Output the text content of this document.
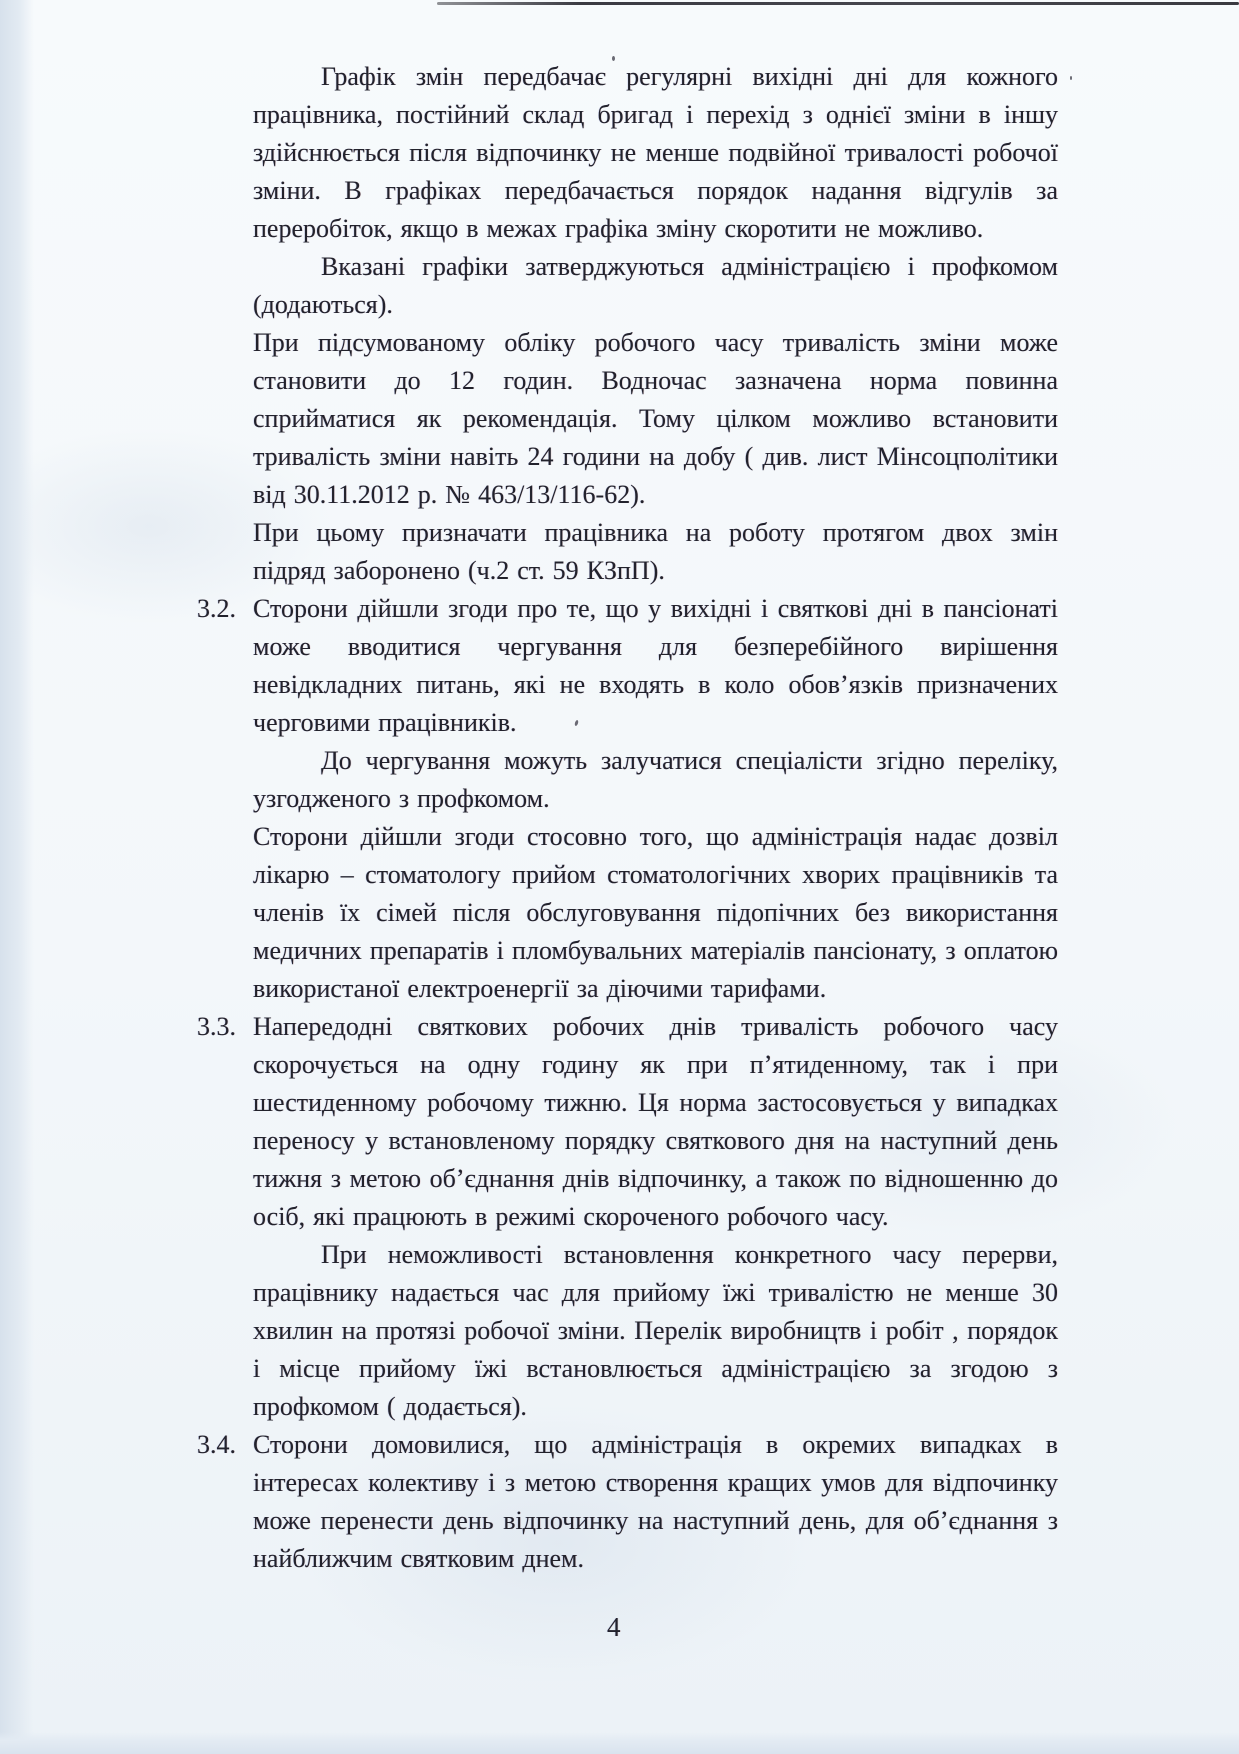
Графік змін передбачає регулярні вихідні дні для кожного працівника, постійний склад бригад і перехід з однієї зміни в іншу здійснюється після відпочинку не менше подвійної тривалості робочої зміни. В графіках передбачається порядок надання відгулів за переробіток, якщо в межах графіка зміну скоротити не можливо.

Вказані графіки затверджуються адміністрацією і профкомом (додаються).

При підсумованому обліку робочого часу тривалість зміни може становити до 12 годин. Водночас зазначена норма повинна сприйматися як рекомендація. Тому цілком можливо встановити тривалість зміни навіть 24 години на добу ( див. лист Мінсоцполітики від 30.11.2012 р. № 463/13/116-62).

При цьому призначати працівника на роботу протягом двох змін підряд заборонено (ч.2 ст. 59 КЗпП).

3.2. Сторони дійшли згоди про те, що у вихідні і святкові дні в пансіонаті може вводитися чергування для безперебійного вирішення невідкладних питань, які не входять в коло обов’язків призначених черговими працівників.

До чергування можуть залучатися спеціалісти згідно переліку, узгодженого з профкомом.

Сторони дійшли згоди стосовно того, що адміністрація надає дозвіл лікарю – стоматологу прийом стоматологічних хворих працівників та членів їх сімей після обслуговування підопічних без використання медичних препаратів і пломбувальних матеріалів пансіонату, з оплатою використаної електроенергії за діючими тарифами.

3.3. Напередодні святкових робочих днів тривалість робочого часу скорочується на одну годину як при п’ятиденному, так і при шестиденному робочому тижню. Ця норма застосовується у випадках переносу у встановленому порядку святкового дня на наступний день тижня з метою об’єднання днів відпочинку, а також по відношенню до осіб, які працюють в режимі скороченого робочого часу.

При неможливості встановлення конкретного часу перерви, працівнику надається час для прийому їжі тривалістю не менше 30 хвилин на протязі робочої зміни. Перелік виробництв і робіт , порядок і місце прийому їжі встановлюється адміністрацією за згодою з профкомом ( додається).

3.4. Сторони домовилися, що адміністрація в окремих випадках в інтересах колективу і з метою створення кращих умов для відпочинку може перенести день відпочинку на наступний день, для об’єднання з найближчим святковим днем.

4
